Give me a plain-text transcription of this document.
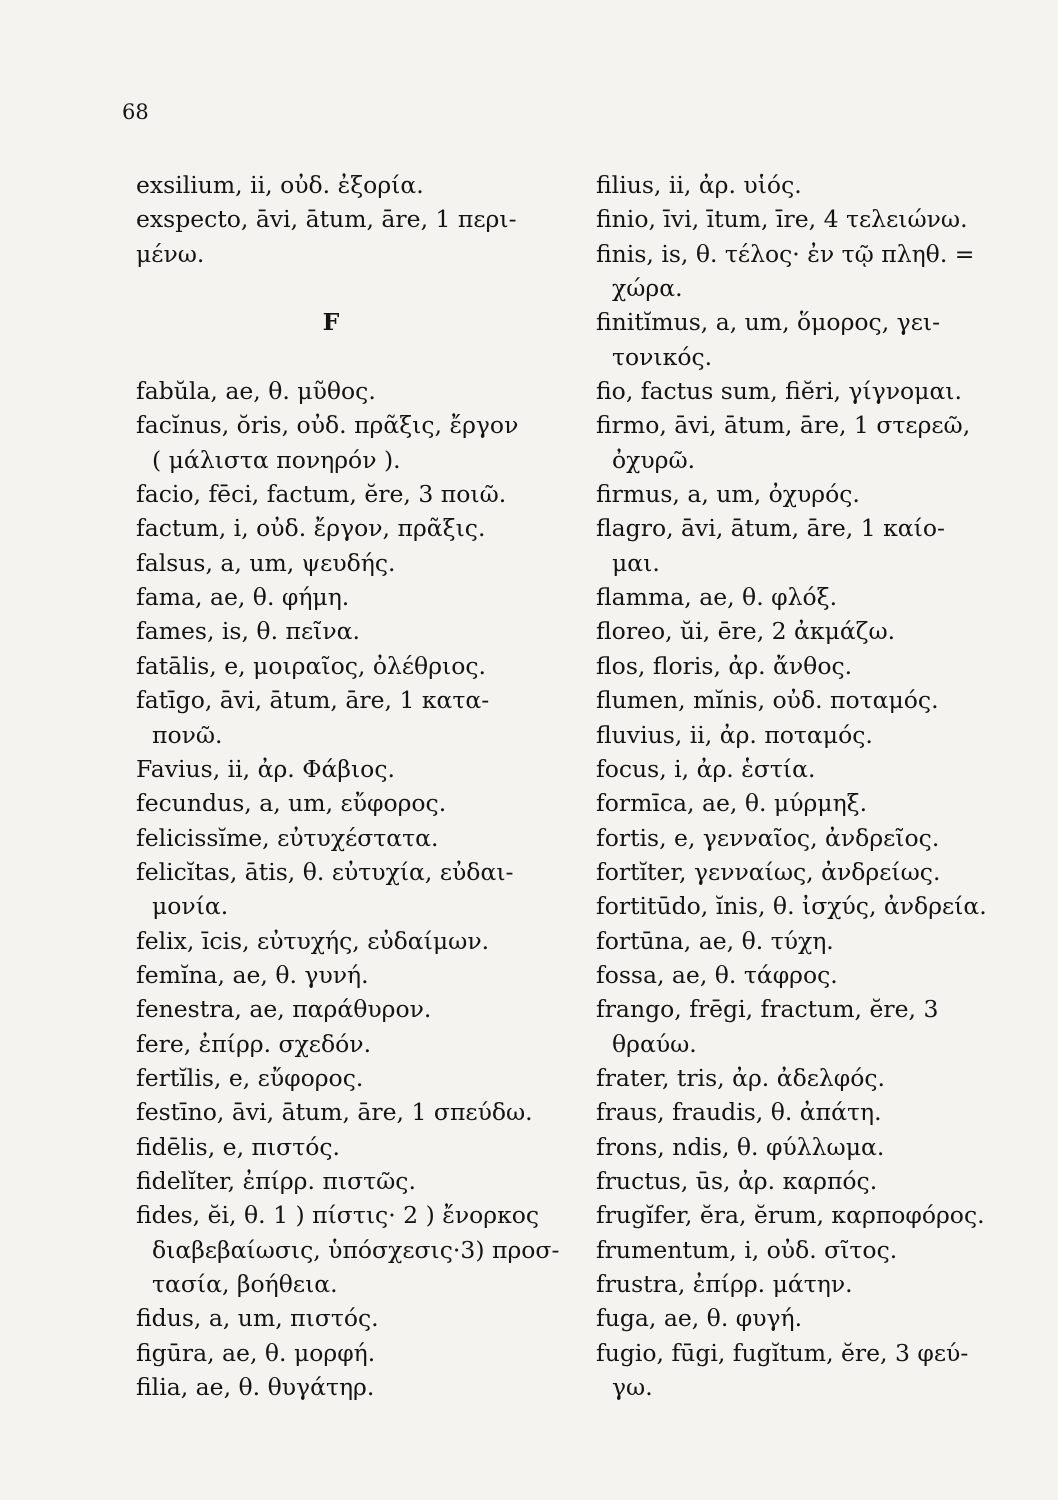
68
exsilium, ii, οὐδ. ἐξορία.
exspecto, āvi, ātum, āre, 1 περι-
μένω.
F
fabŭla, ae, θ. μῦθος.
facĭnus, ŏris, οὐδ. πρᾶξις, ἔργον
( μάλιστα πονηρόν ).
facio, fēci, factum, ĕre, 3 ποιῶ.
factum, i, οὐδ. ἔργον, πρᾶξις.
falsus, a, um, ψευδής.
fama, ae, θ. φήμη.
fames, is, θ. πεῖνα.
fatālis, e, μοιραῖος, ὀλέθριος.
fatīgo, āvi, ātum, āre, 1 κατα-
πονῶ.
Favius, ii, ἀρ. Φάβιος.
fecundus, a, um, εὔφορος.
felicissĭme, εὐτυχέστατα.
felicĭtas, ātis, θ. εὐτυχία, εὐδαι-
μονία.
felix, īcis, εὐτυχής, εὐδαίμων.
femĭna, ae, θ. γυνή.
fenestra, ae, παράθυρον.
fere, ἐπίρρ. σχεδόν.
fertĭlis, e, εὔφορος.
festīno, āvi, ātum, āre, 1 σπεύδω.
fidēlis, e, πιστός.
fidelĭter, ἐπίρρ. πιστῶς.
fides, ĕi, θ. 1 ) πίστις· 2 ) ἔνορκος
διαβεβαίωσις, ὑπόσχεσις·3) προσ-
τασία, βοήθεια.
fidus, a, um, πιστός.
figūra, ae, θ. μορφή.
filia, ae, θ. θυγάτηρ.
filius, ii, ἀρ. υἱός.
finio, īvi, ītum, īre, 4 τελειώνω.
finis, is, θ. τέλος· ἐν τῷ πληθ. =
χώρα.
finitĭmus, a, um, ὅμορος, γει-
τονικός.
fio, factus sum, fiĕri, γίγνομαι.
firmo, āvi, ātum, āre, 1 στερεῶ,
ὀχυρῶ.
firmus, a, um, ὀχυρός.
flagro, āvi, ātum, āre, 1 καίο-
μαι.
flamma, ae, θ. φλόξ.
floreo, ŭi, ēre, 2 ἀκμάζω.
flos, floris, ἀρ. ἄνθος.
flumen, mĭnis, οὐδ. ποταμός.
fluvius, ii, ἀρ. ποταμός.
focus, i, ἀρ. ἑστία.
formīca, ae, θ. μύρμηξ.
fortis, e, γενναῖος, ἀνδρεῖος.
fortĭter, γενναίως, ἀνδρείως.
fortitūdo, ĭnis, θ. ἰσχύς, ἀνδρεία.
fortūna, ae, θ. τύχη.
fossa, ae, θ. τάφρος.
frango, frēgi, fractum, ĕre, 3
θραύω.
frater, tris, ἀρ. ἀδελφός.
fraus, fraudis, θ. ἀπάτη.
frons, ndis, θ. φύλλωμα.
fructus, ūs, ἀρ. καρπός.
frugĭfer, ĕra, ĕrum, καρποφόρος.
frumentum, i, οὐδ. σῖτος.
frustra, ἐπίρρ. μάτην.
fuga, ae, θ. φυγή.
fugio, fūgi, fugĭtum, ĕre, 3 φεύ-
γω.
